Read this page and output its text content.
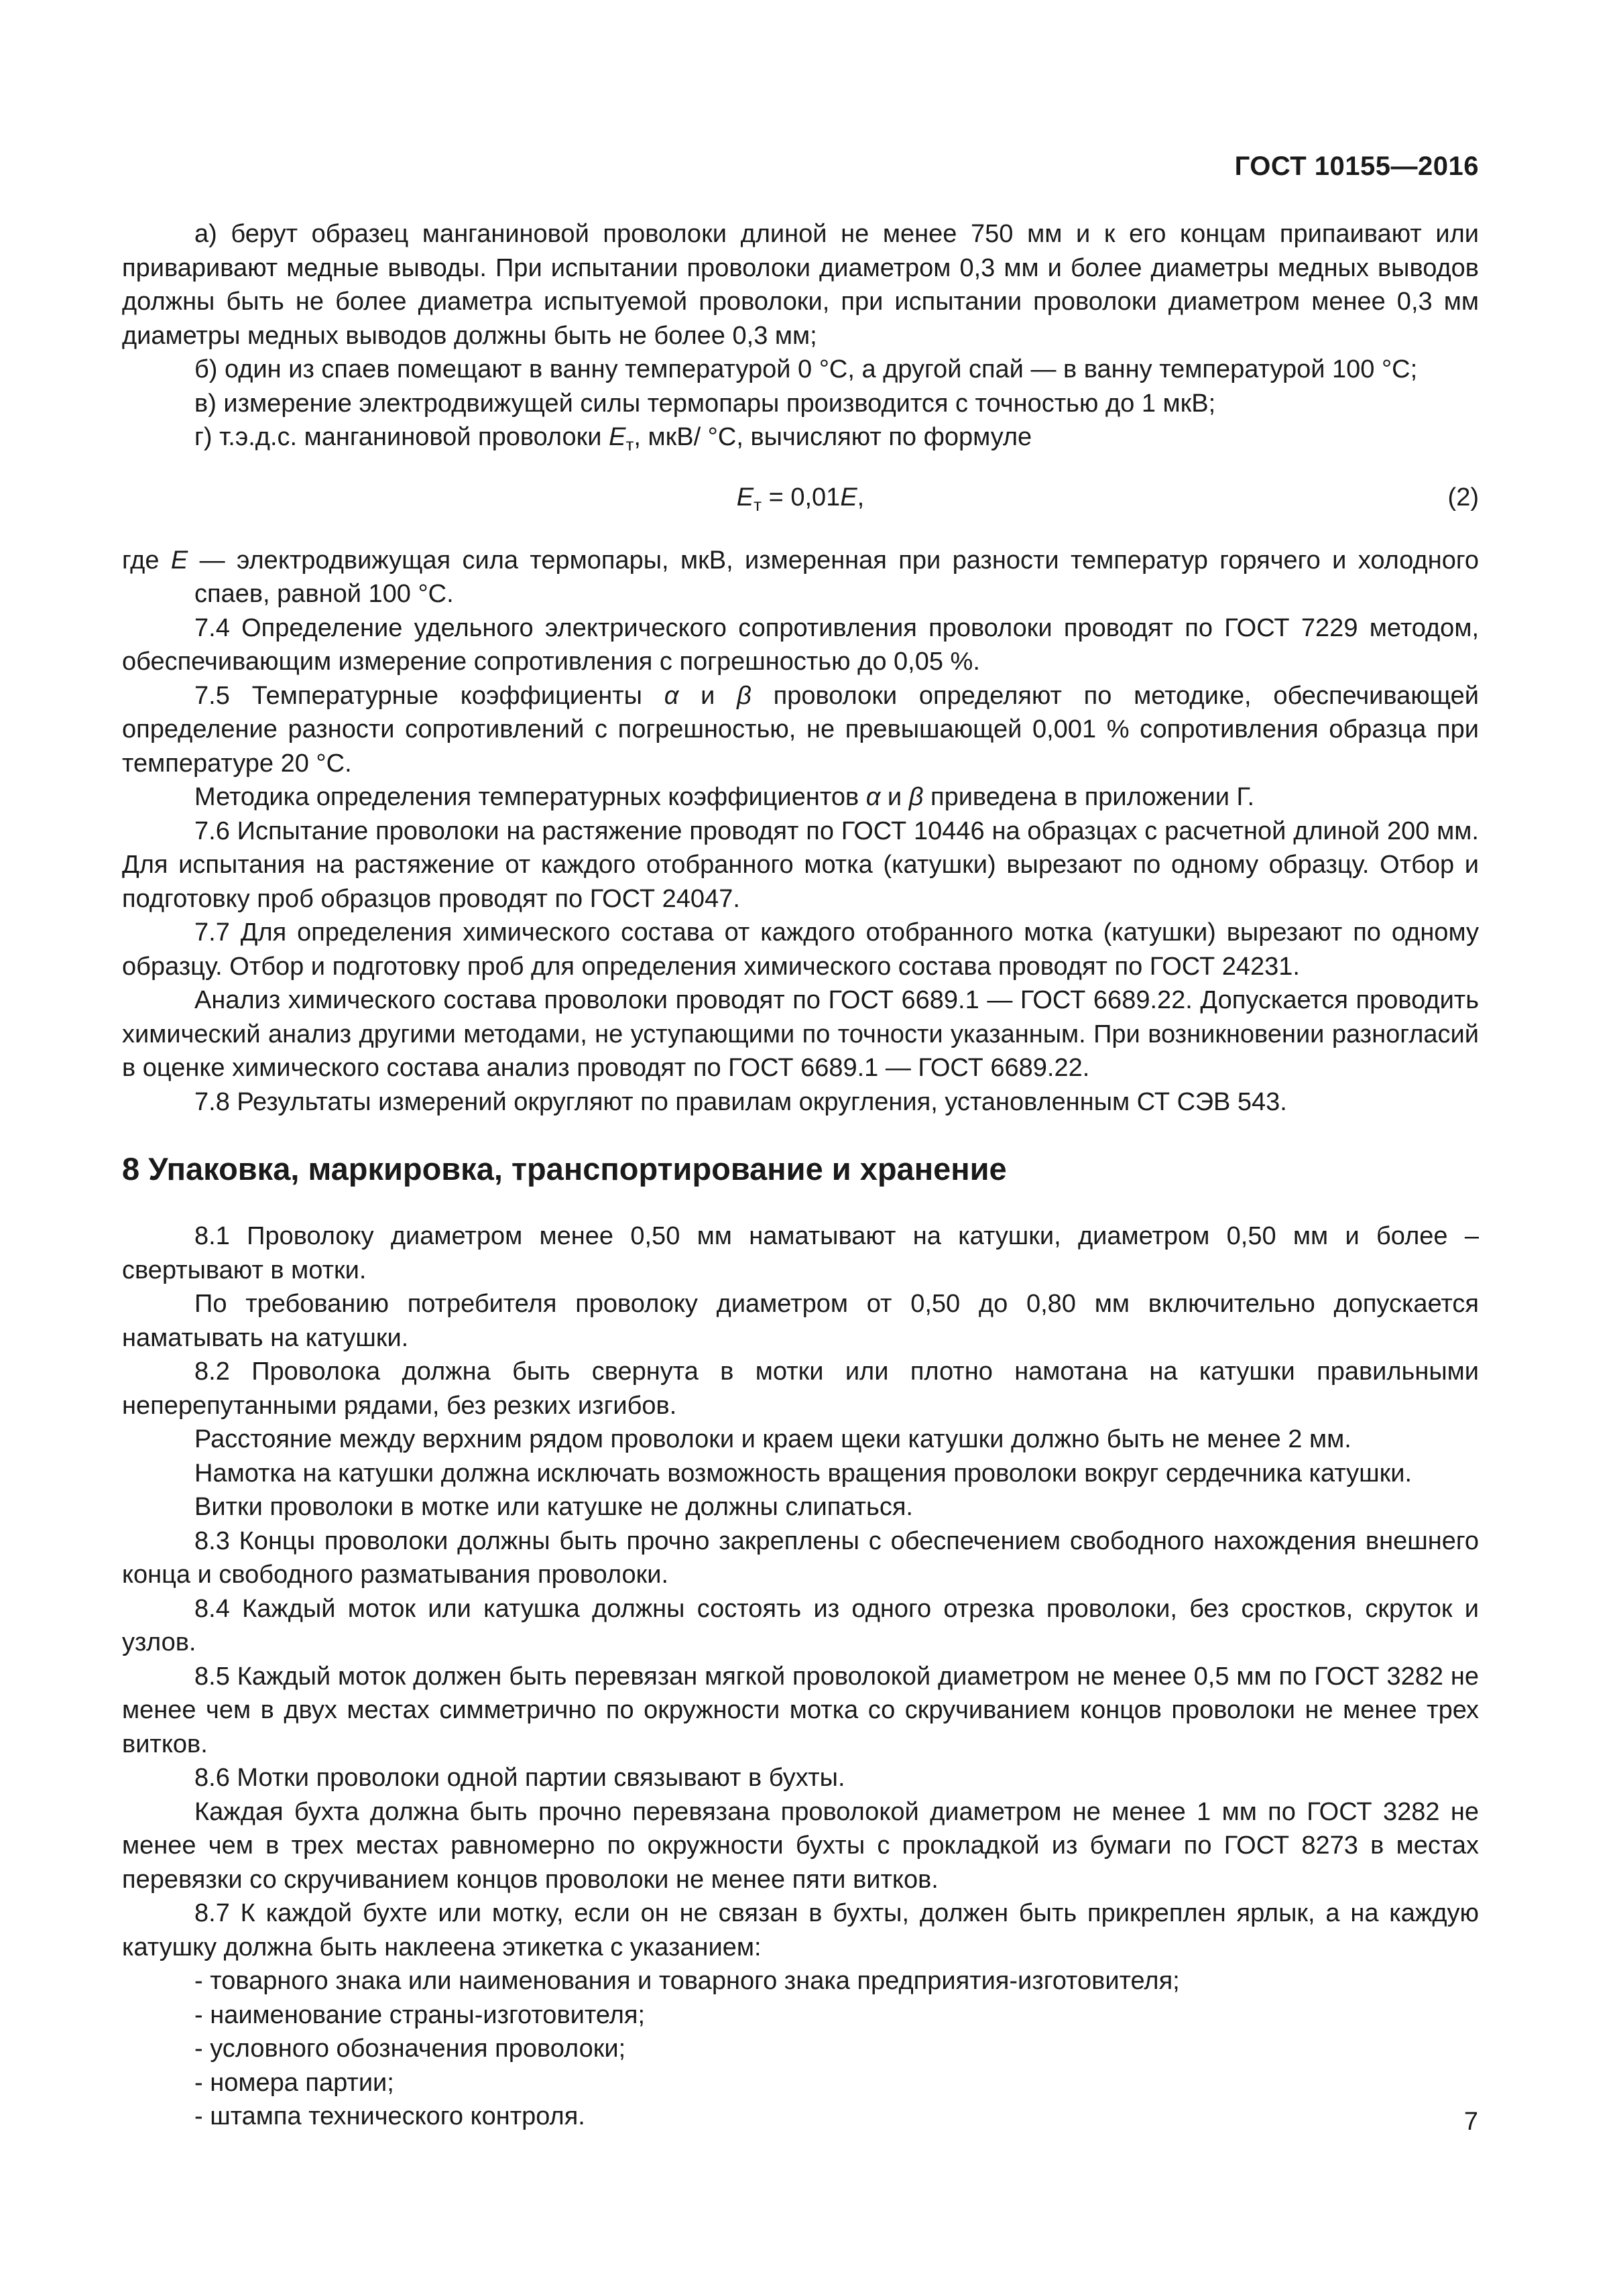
ГОСТ 10155—2016

а) берут образец манганиновой проволоки длиной не менее 750 мм и к его концам припаивают или приваривают медные выводы. При испытании проволоки диаметром 0,3 мм и более диаметры медных выводов должны быть не более диаметра испытуемой проволоки, при испытании проволоки диаметром менее 0,3 мм диаметры медных выводов должны быть не более 0,3 мм;

б) один из спаев помещают в ванну температурой 0 °С, а другой спай — в ванну температурой 100 °С;

в) измерение электродвижущей силы термопары производится с точностью до 1 мкВ;

г) т.э.д.с. манганиновой проволоки $E_т$, мкВ/ °С, вычисляют по формуле

$E_т = 0,01E$,	(2)

где E — электродвижущая сила термопары, мкВ, измеренная при разности температур горячего и холодного спаев, равной 100 °С.

7.4 Определение удельного электрического сопротивления проволоки проводят по ГОСТ 7229 методом, обеспечивающим измерение сопротивления с погрешностью до 0,05 %.

7.5 Температурные коэффициенты α и β проволоки определяют по методике, обеспечивающей определение разности сопротивлений с погрешностью, не превышающей 0,001 % сопротивления образца при температуре 20 °С.

Методика определения температурных коэффициентов α и β приведена в приложении Г.

7.6 Испытание проволоки на растяжение проводят по ГОСТ 10446 на образцах с расчетной длиной 200 мм. Для испытания на растяжение от каждого отобранного мотка (катушки) вырезают по одному образцу. Отбор и подготовку проб образцов проводят по ГОСТ 24047.

7.7 Для определения химического состава от каждого отобранного мотка (катушки) вырезают по одному образцу. Отбор и подготовку проб для определения химического состава проводят по ГОСТ 24231.

Анализ химического состава проволоки проводят по ГОСТ 6689.1 — ГОСТ 6689.22. Допускается проводить химический анализ другими методами, не уступающими по точности указанным. При возникновении разногласий в оценке химического состава анализ проводят по ГОСТ 6689.1 — ГОСТ 6689.22.

7.8 Результаты измерений округляют по правилам округления, установленным СТ СЭВ 543.

8 Упаковка, маркировка, транспортирование и хранение

8.1 Проволоку диаметром менее 0,50 мм наматывают на катушки, диаметром 0,50 мм и более – свертывают в мотки.

По требованию потребителя проволоку диаметром от 0,50 до 0,80 мм включительно допускается наматывать на катушки.

8.2 Проволока должна быть свернута в мотки или плотно намотана на катушки правильными неперепутанными рядами, без резких изгибов.

Расстояние между верхним рядом проволоки и краем щеки катушки должно быть не менее 2 мм.

Намотка на катушки должна исключать возможность вращения проволоки вокруг сердечника катушки.

Витки проволоки в мотке или катушке не должны слипаться.

8.3 Концы проволоки должны быть прочно закреплены с обеспечением свободного нахождения внешнего конца и свободного разматывания проволоки.

8.4 Каждый моток или катушка должны состоять из одного отрезка проволоки, без сростков, скруток и узлов.

8.5 Каждый моток должен быть перевязан мягкой проволокой диаметром не менее 0,5 мм по ГОСТ 3282 не менее чем в двух местах симметрично по окружности мотка со скручиванием концов проволоки не менее трех витков.

8.6 Мотки проволоки одной партии связывают в бухты.

Каждая бухта должна быть прочно перевязана проволокой диаметром не менее 1 мм по ГОСТ 3282 не менее чем в трех местах равномерно по окружности бухты с прокладкой из бумаги по ГОСТ 8273 в местах перевязки со скручиванием концов проволоки не менее пяти витков.

8.7 К каждой бухте или мотку, если он не связан в бухты, должен быть прикреплен ярлык, а на каждую катушку должна быть наклеена этикетка с указанием:

- товарного знака или наименования и товарного знака предприятия-изготовителя;
- наименование страны-изготовителя;
- условного обозначения проволоки;
- номера партии;
- штампа технического контроля.	7
